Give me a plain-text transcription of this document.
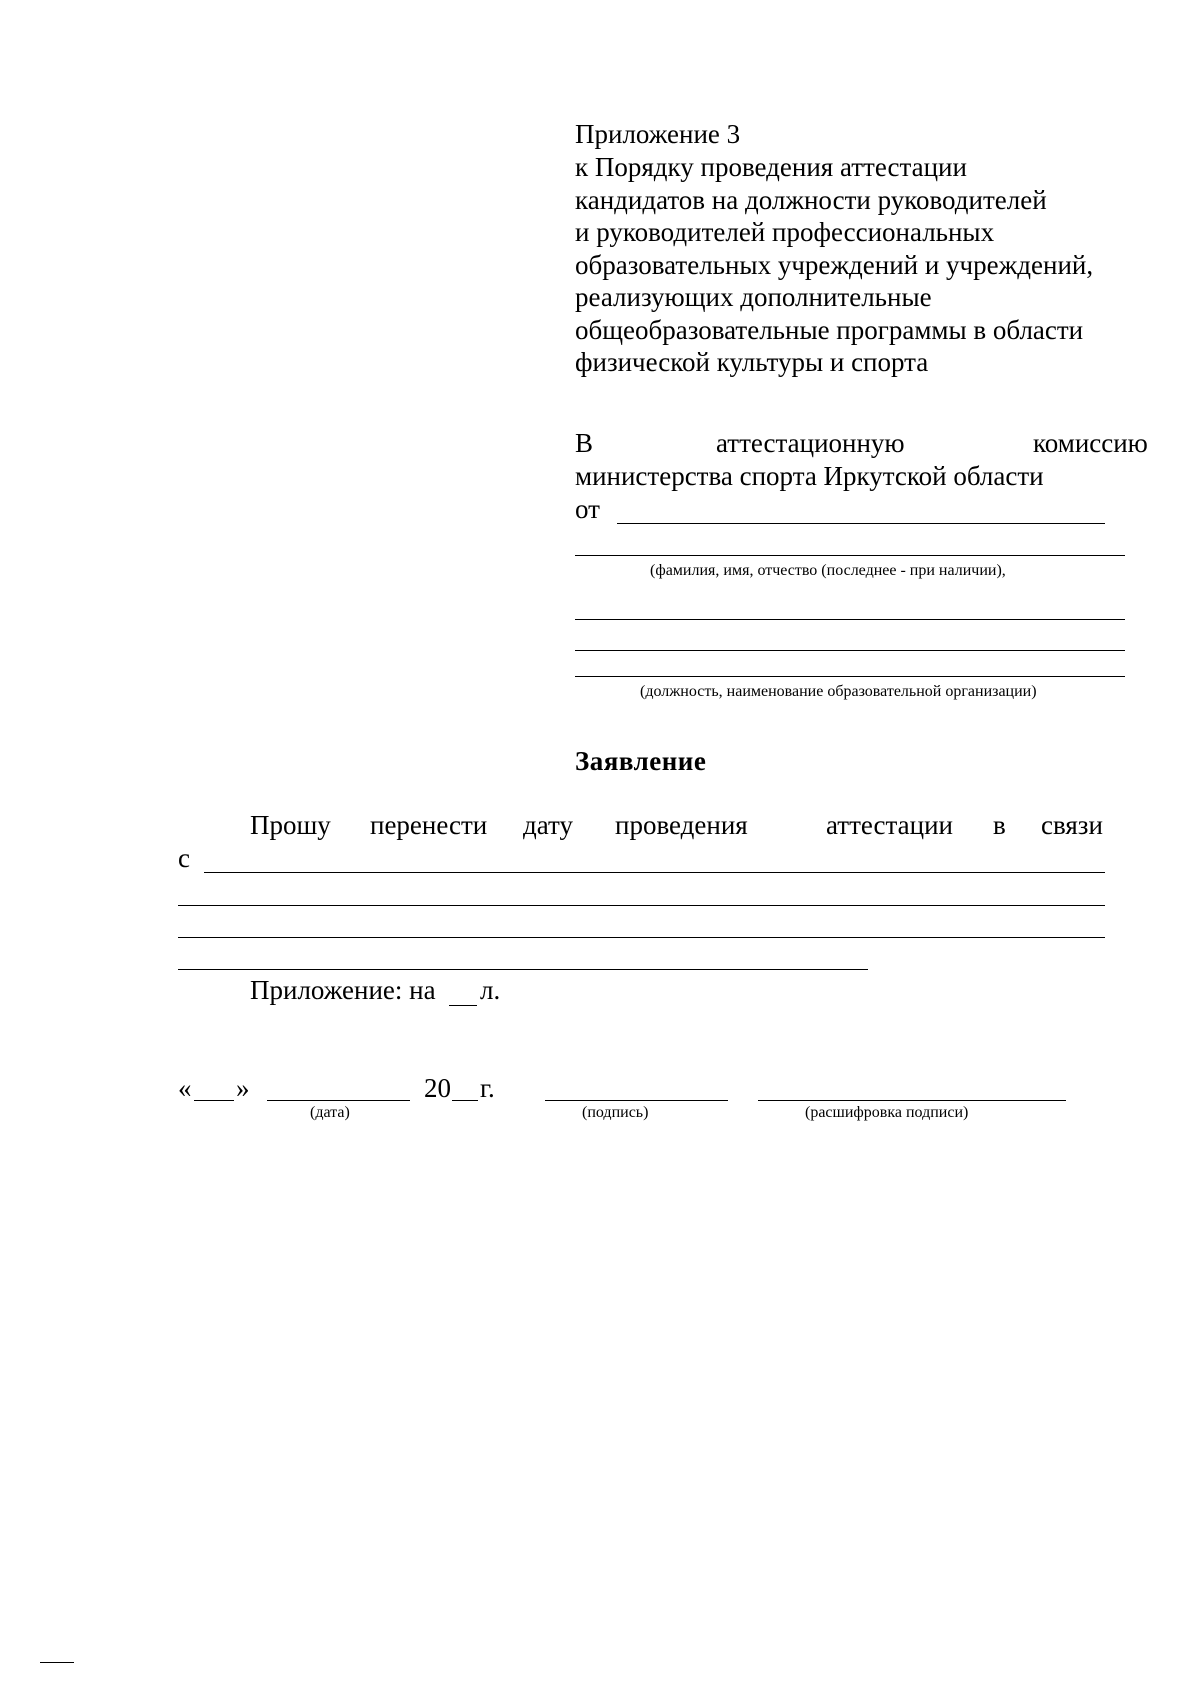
Приложение 3
к Порядку проведения аттестации
кандидатов на должности руководителей
и руководителей профессиональных
образовательных учреждений и учреждений,
реализующих дополнительные
общеобразовательные программы в области
физической культуры и спорта
В	аттестационную	комиссию
министерства спорта Иркутской области
от
(фамилия, имя, отчество (последнее - при наличии),
(должность, наименование образовательной организации)
Заявление
Прошу перенести дату проведения	аттестации в связи
с
Приложение: на л.
« »	20 г.
(дата)	(подпись)	(расшифровка подписи)
